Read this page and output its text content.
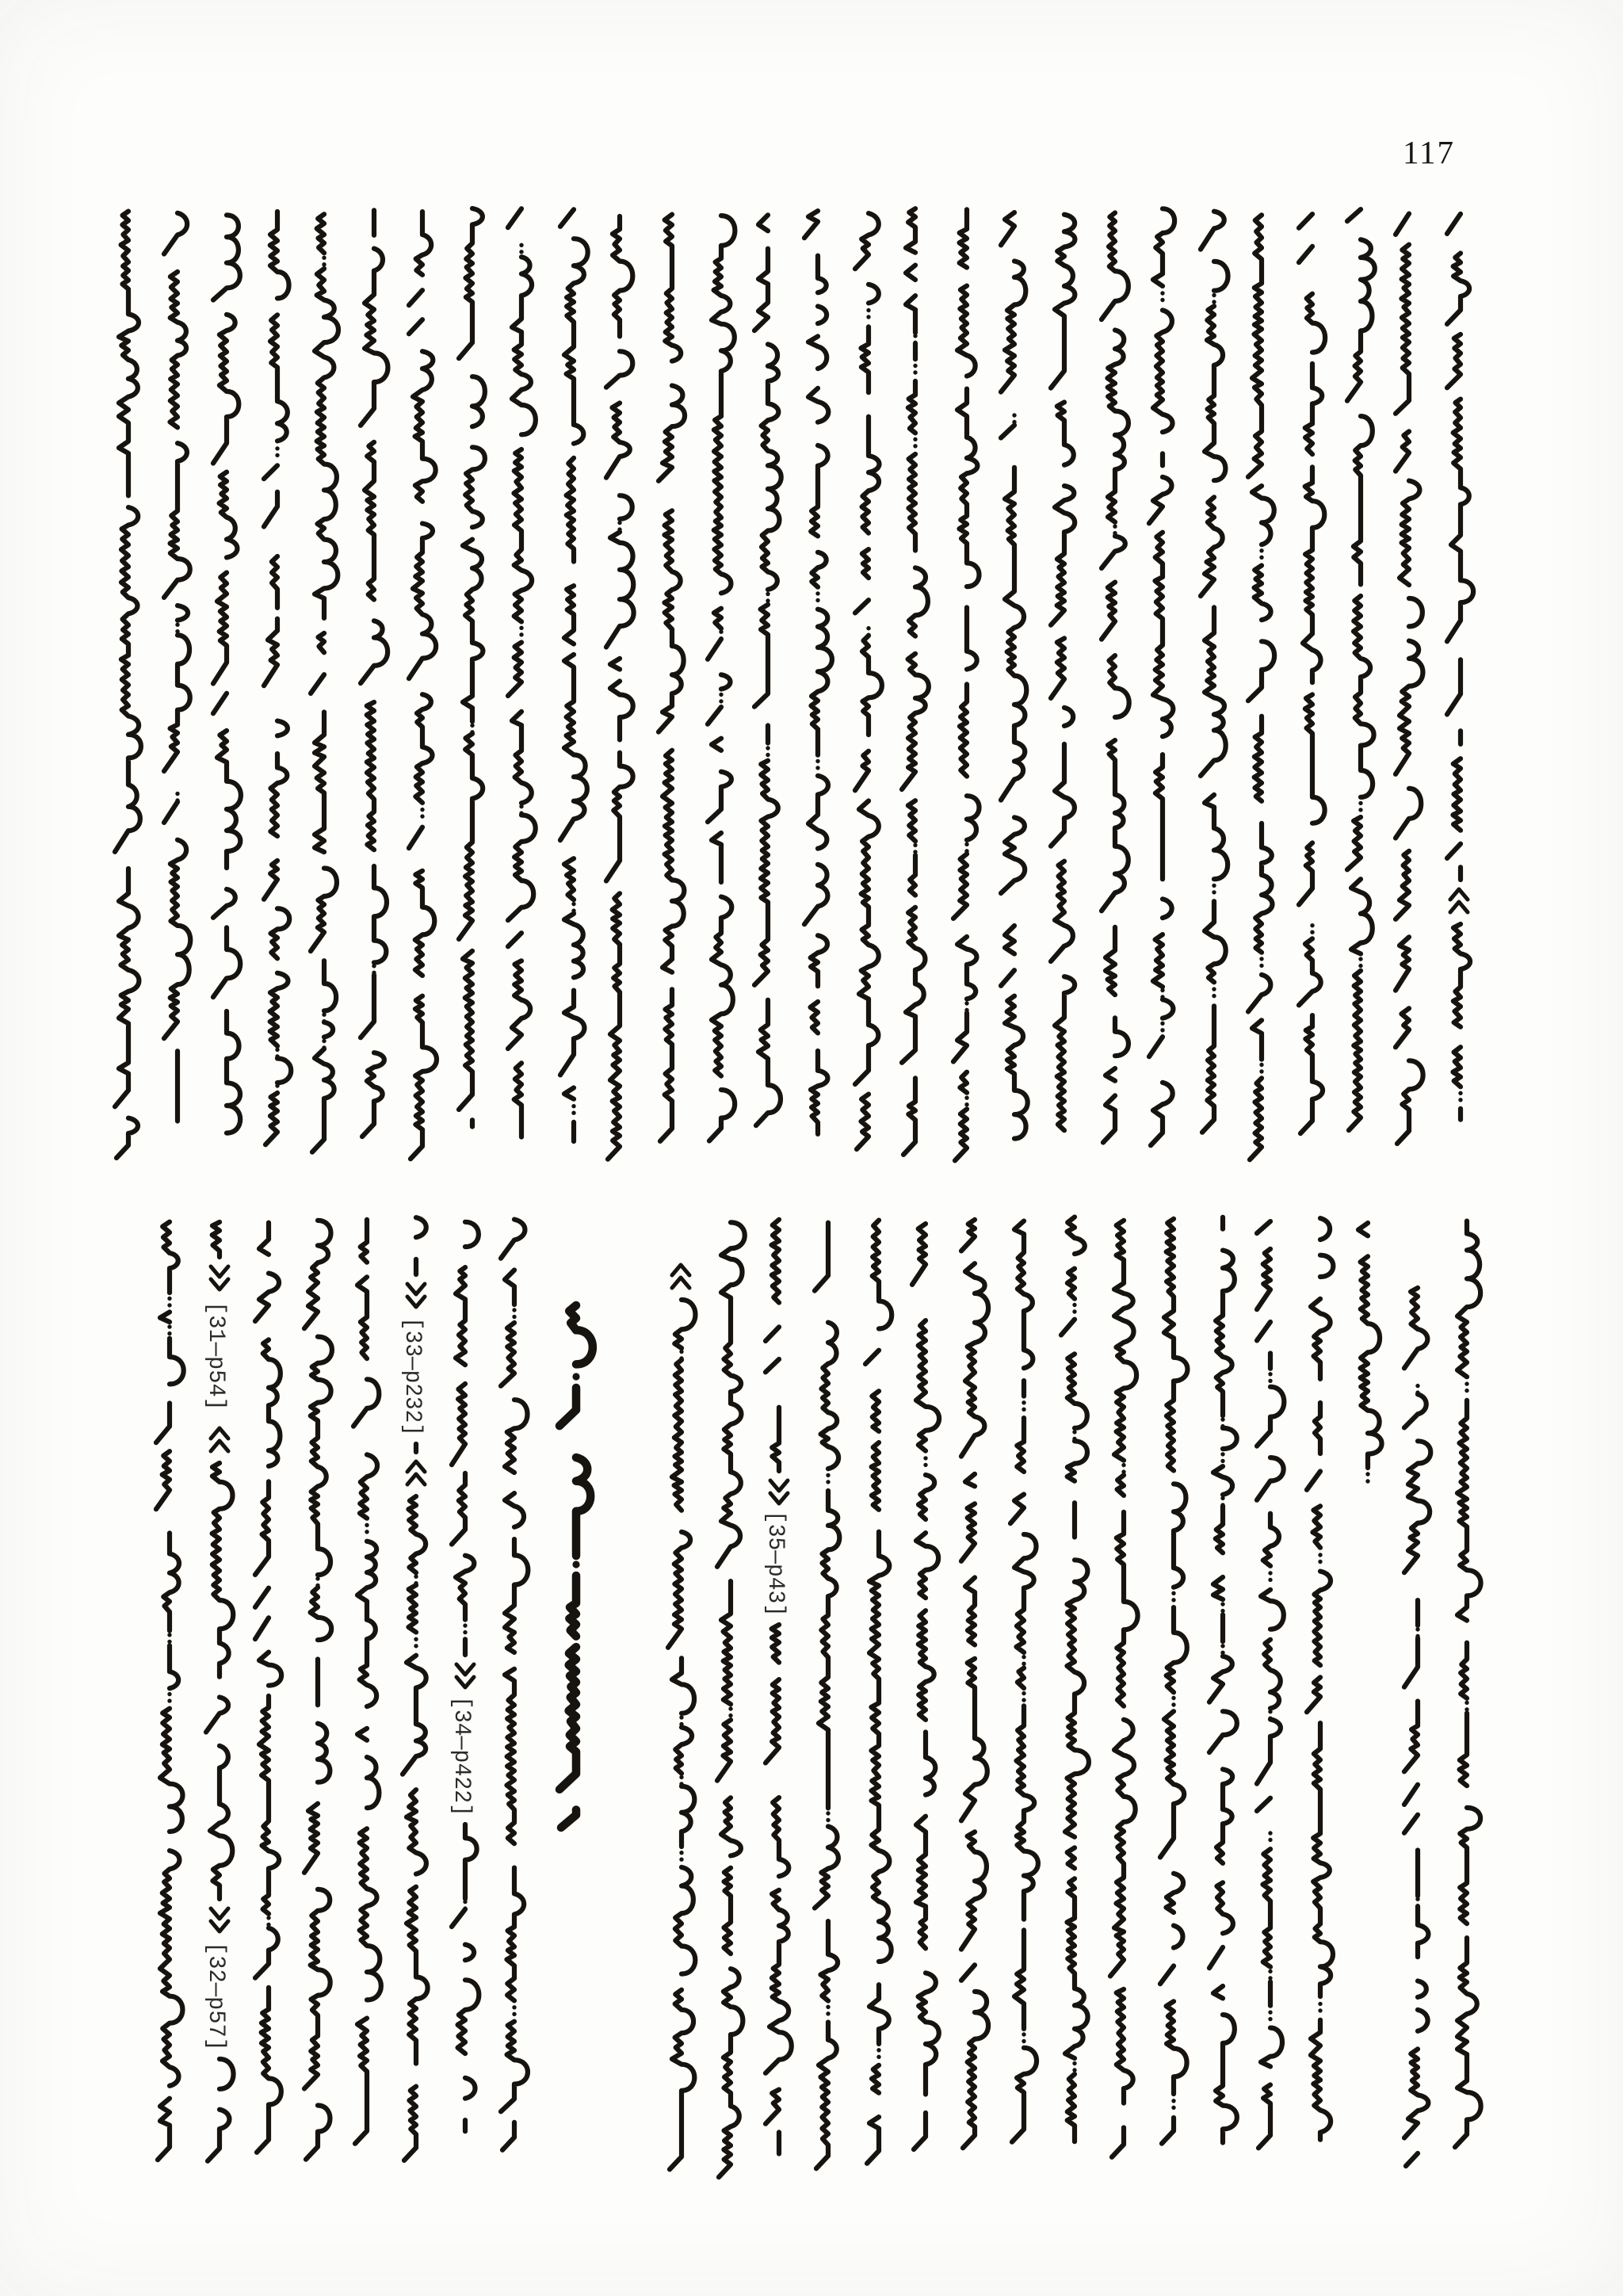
117
[31—p54]
[32—p57]
[33—p232]
[34—p422]
[35—p43]
